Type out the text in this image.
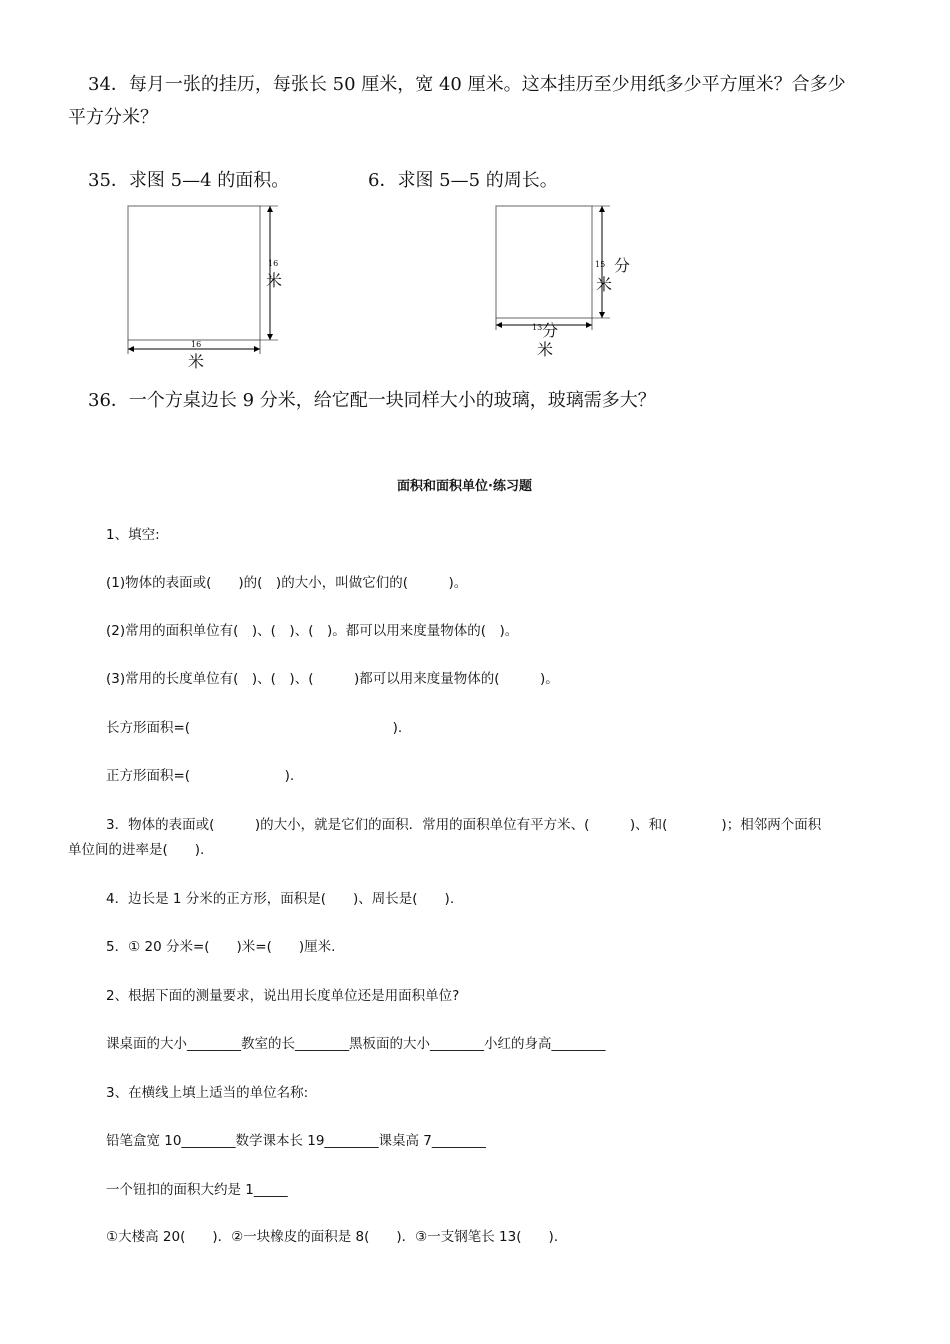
34．每月一张的挂历，每张长 50 厘米，宽 40 厘米。这本挂历至少用纸多少平方厘米？合多少
平方分米？
35．求图 5—4 的面积。	6．求图 5—5 的周长。
16
米
16
米
15 分
米
13 分
米
36．一个方桌边长 9 分米，给它配一块同样大小的玻璃，玻璃需多大？
面积和面积单位·练习题
1、填空:
(1)物体的表面或(　　)的(　)的大小，叫做它们的(　　　)。
(2)常用的面积单位有(　)、(　)、(　)。都可以用来度量物体的(　)。
(3)常用的长度单位有(　)、(　)、(　　　)都可以用来度量物体的(　　　)。
长方形面积=(　　　　　　　　　　　　　　　).
正方形面积=(　　　　　　　).
3．物体的表面或(　　　)的大小，就是它们的面积．常用的面积单位有平方米、(　　　)、和(　　　　)；相邻两个面积
单位间的进率是(　　).
4．边长是 1 分米的正方形，面积是(　　)、周长是(　　).
5．① 20 分米=(　　)米=(　　)厘米.
2、根据下面的测量要求，说出用长度单位还是用面积单位?
课桌面的大小________教室的长________黑板面的大小________小红的身高________
3、在横线上填上适当的单位名称:
铅笔盒宽 10________数学课本长 19________课桌高 7________
一个钮扣的面积大约是 1_____
①大楼高 20(　　)．②一块橡皮的面积是 8(　　)．③一支钢笔长 13(　　).
